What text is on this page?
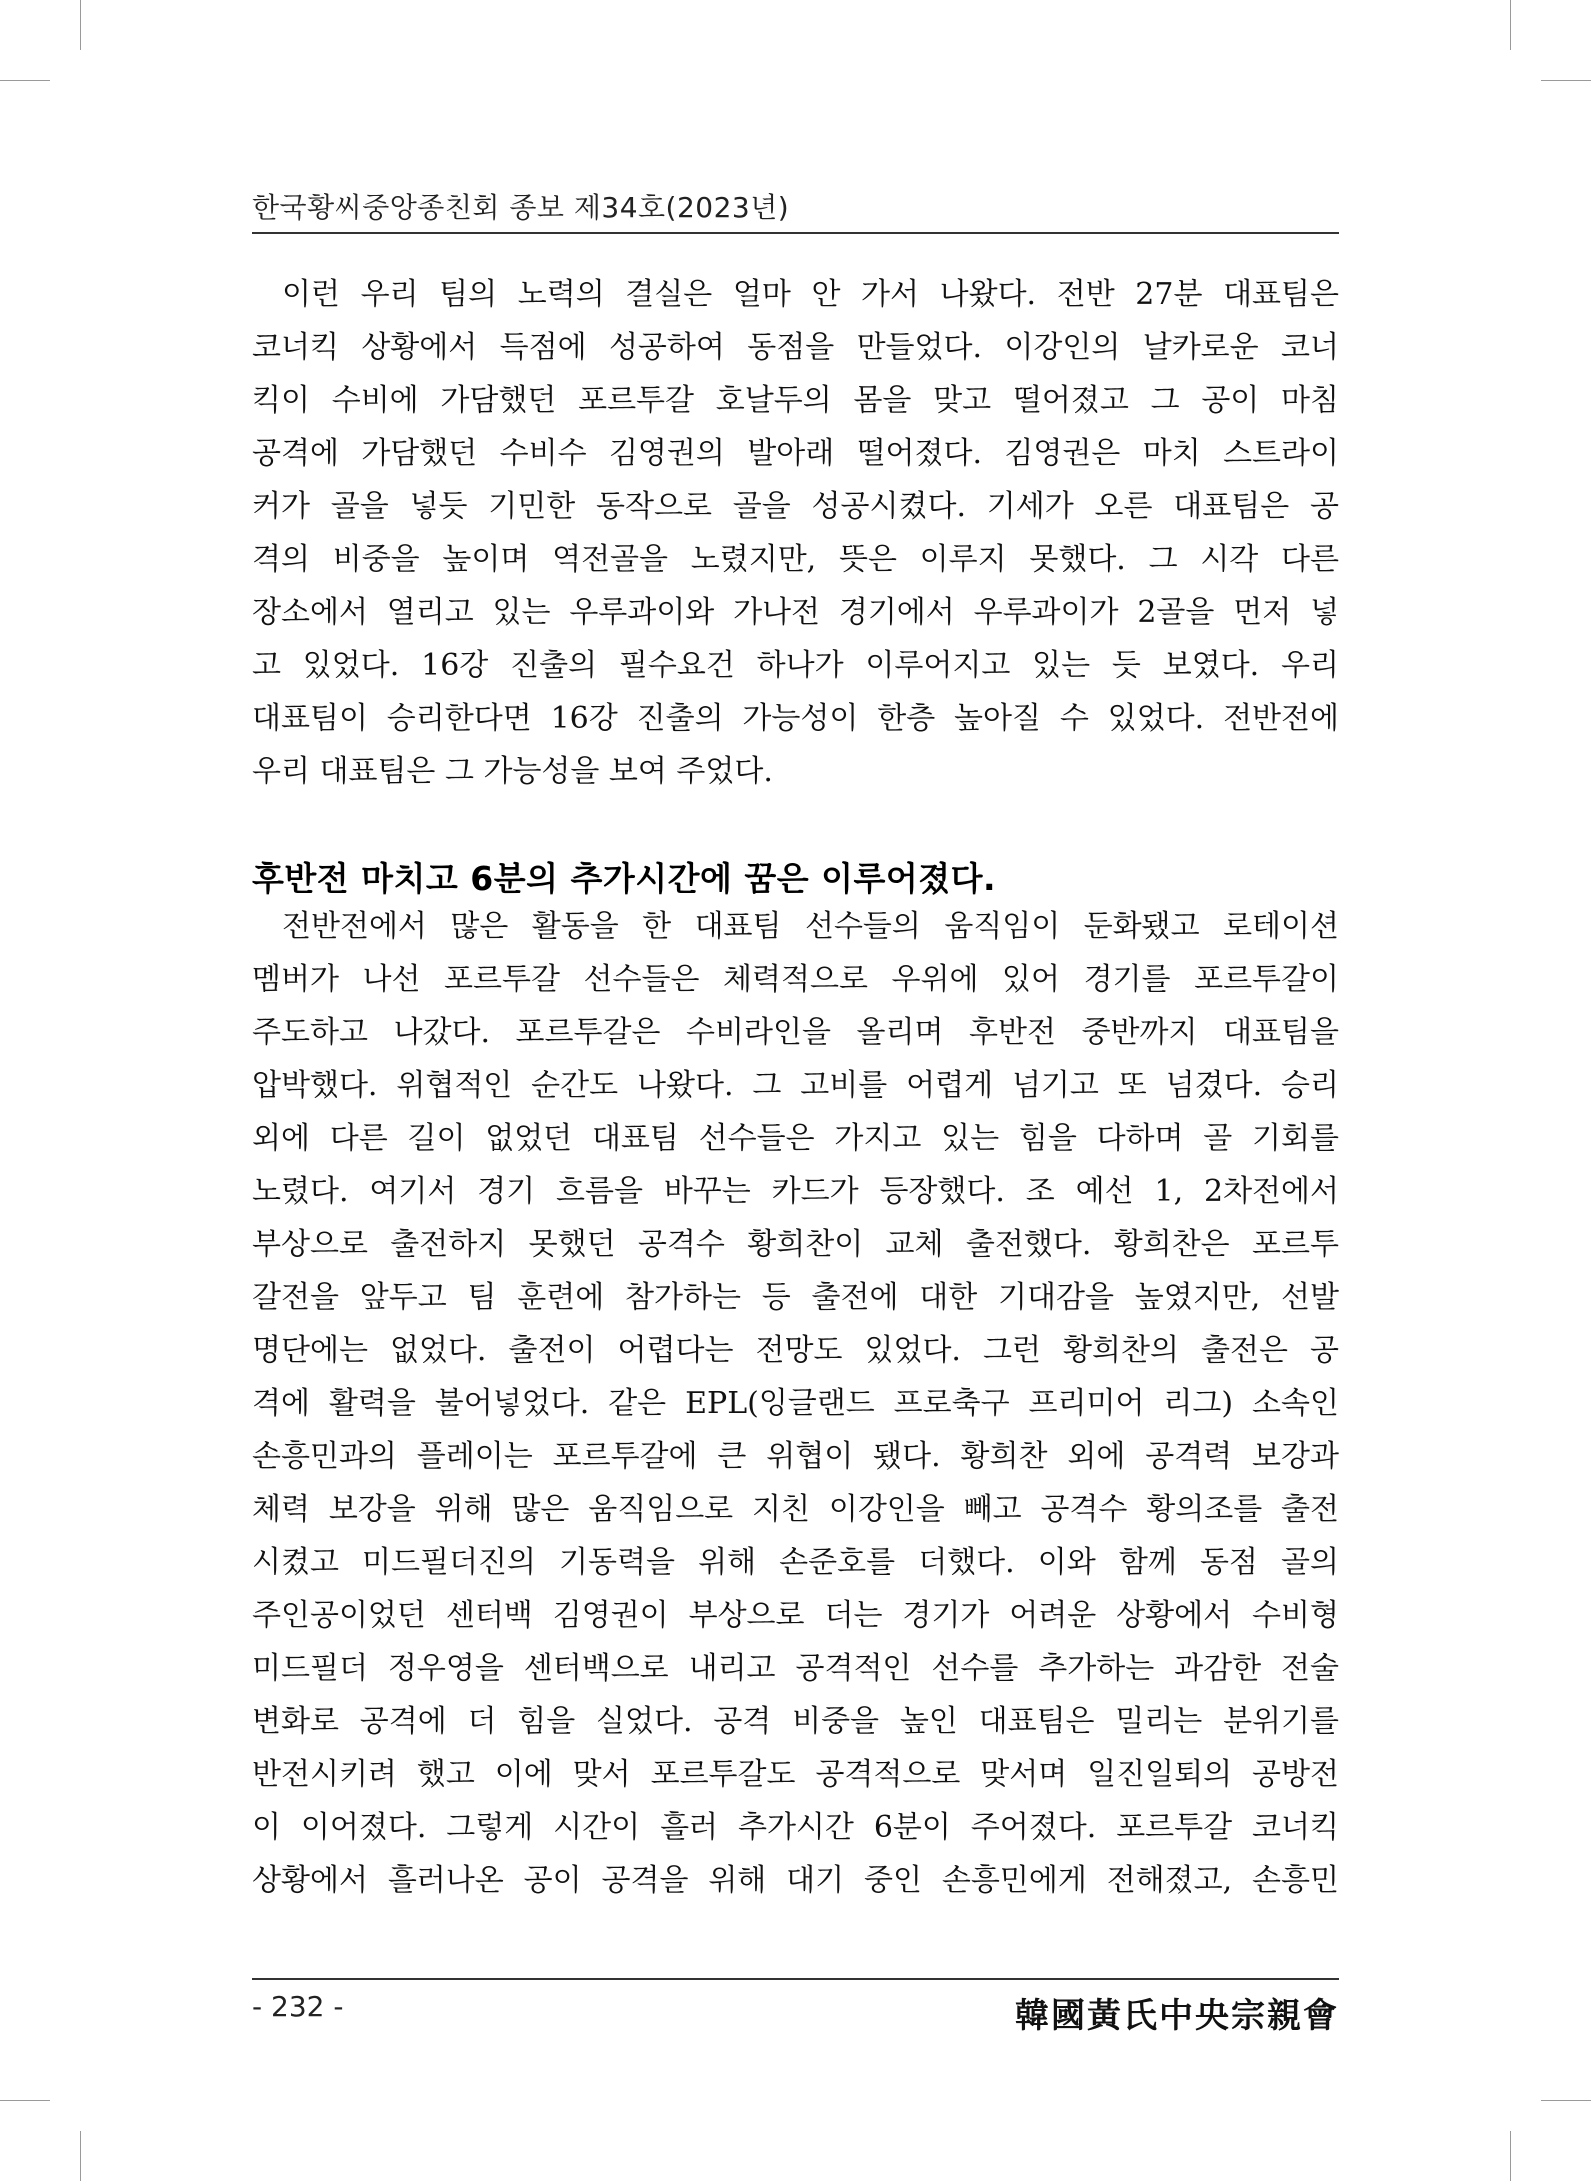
한국황씨중앙종친회 종보 제34호(2023년)
이런 우리 팀의 노력의 결실은 얼마 안 가서 나왔다. 전반 27분 대표팀은
코너킥 상황에서 득점에 성공하여 동점을 만들었다. 이강인의 날카로운 코너
킥이 수비에 가담했던 포르투갈 호날두의 몸을 맞고 떨어졌고 그 공이 마침
공격에 가담했던 수비수 김영권의 발아래 떨어졌다. 김영권은 마치 스트라이
커가 골을 넣듯 기민한 동작으로 골을 성공시켰다. 기세가 오른 대표팀은 공
격의 비중을 높이며 역전골을 노렸지만, 뜻은 이루지 못했다. 그 시각 다른
장소에서 열리고 있는 우루과이와 가나전 경기에서 우루과이가 2골을 먼저 넣
고 있었다. 16강 진출의 필수요건 하나가 이루어지고 있는 듯 보였다. 우리
대표팀이 승리한다면 16강 진출의 가능성이 한층 높아질 수 있었다. 전반전에
우리 대표팀은 그 가능성을 보여 주었다.
후반전 마치고 6분의 추가시간에 꿈은 이루어졌다.
전반전에서 많은 활동을 한 대표팀 선수들의 움직임이 둔화됐고 로테이션
멤버가 나선 포르투갈 선수들은 체력적으로 우위에 있어 경기를 포르투갈이
주도하고 나갔다. 포르투갈은 수비라인을 올리며 후반전 중반까지 대표팀을
압박했다. 위협적인 순간도 나왔다. 그 고비를 어렵게 넘기고 또 넘겼다. 승리
외에 다른 길이 없었던 대표팀 선수들은 가지고 있는 힘을 다하며 골 기회를
노렸다. 여기서 경기 흐름을 바꾸는 카드가 등장했다. 조 예선 1, 2차전에서
부상으로 출전하지 못했던 공격수 황희찬이 교체 출전했다. 황희찬은 포르투
갈전을 앞두고 팀 훈련에 참가하는 등 출전에 대한 기대감을 높였지만, 선발
명단에는 없었다. 출전이 어렵다는 전망도 있었다. 그런 황희찬의 출전은 공
격에 활력을 불어넣었다. 같은 EPL(잉글랜드 프로축구 프리미어 리그) 소속인
손흥민과의 플레이는 포르투갈에 큰 위협이 됐다. 황희찬 외에 공격력 보강과
체력 보강을 위해 많은 움직임으로 지친 이강인을 빼고 공격수 황의조를 출전
시켰고 미드필더진의 기동력을 위해 손준호를 더했다. 이와 함께 동점 골의
주인공이었던 센터백 김영권이 부상으로 더는 경기가 어려운 상황에서 수비형
미드필더 정우영을 센터백으로 내리고 공격적인 선수를 추가하는 과감한 전술
변화로 공격에 더 힘을 실었다. 공격 비중을 높인 대표팀은 밀리는 분위기를
반전시키려 했고 이에 맞서 포르투갈도 공격적으로 맞서며 일진일퇴의 공방전
이 이어졌다. 그렇게 시간이 흘러 추가시간 6분이 주어졌다. 포르투갈 코너킥
상황에서 흘러나온 공이 공격을 위해 대기 중인 손흥민에게 전해졌고, 손흥민
- 232 -	韓國黃氏中央宗親會
